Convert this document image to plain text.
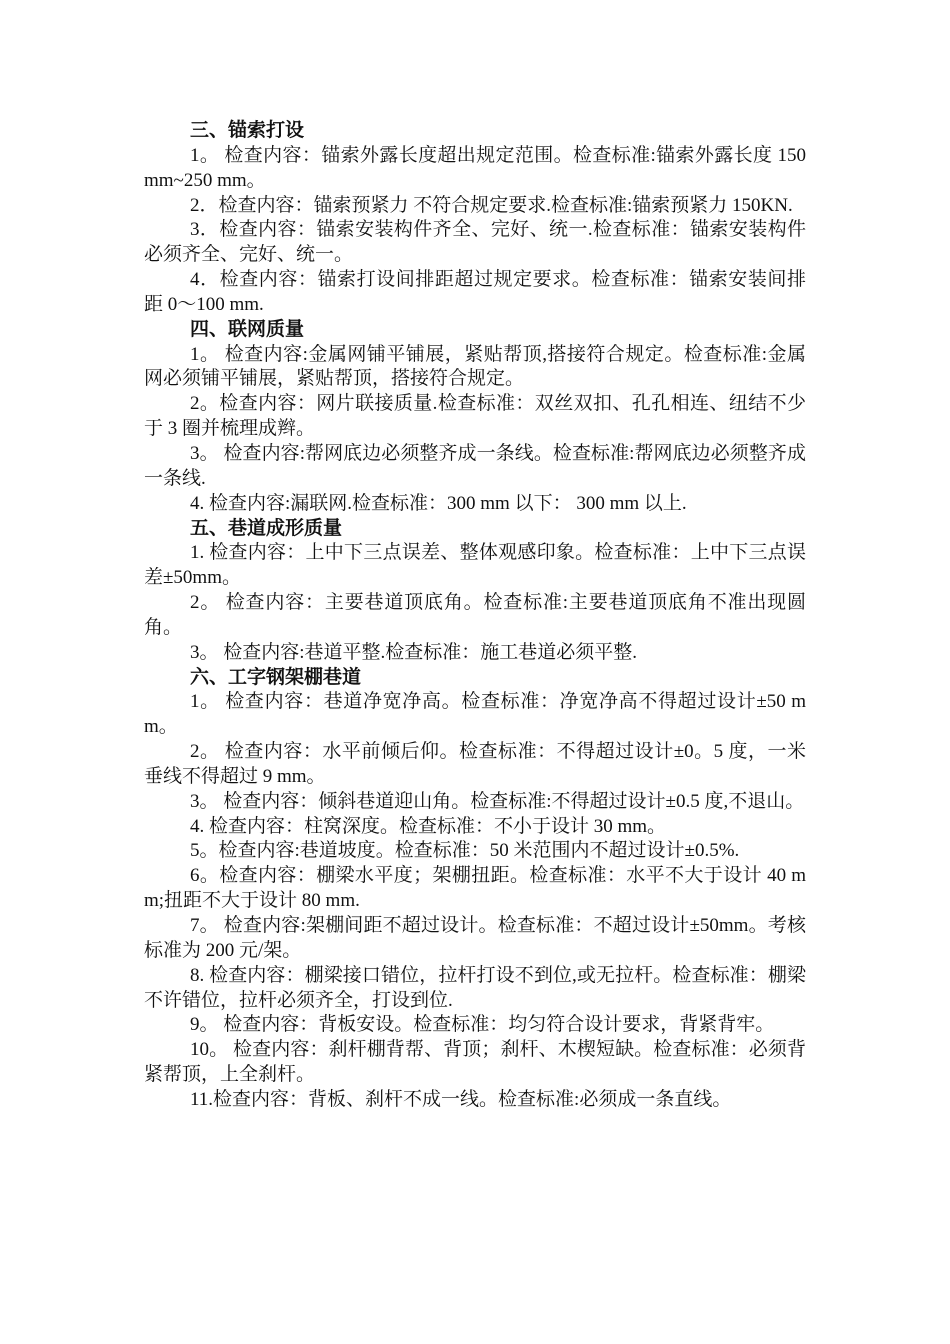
三、锚索打设

1。 检查内容：锚索外露长度超出规定范围。检查标准:锚索外露长度 150 mm~250 mm。

2．检查内容：锚索预紧力 不符合规定要求.检查标准:锚索预紧力 150KN.

3．检查内容：锚索安装构件齐全、完好、统一.检查标准：锚索安装构件必须齐全、完好、统一。

4．检查内容：锚索打设间排距超过规定要求。检查标准：锚索安装间排距 0～100 mm.

四、联网质量

1。 检查内容:金属网铺平铺展，紧贴帮顶,搭接符合规定。检查标准:金属网必须铺平铺展，紧贴帮顶，搭接符合规定。

2。检查内容：网片联接质量.检查标准：双丝双扣、孔孔相连、纽结不少于 3 圈并梳理成辫。

3。 检查内容:帮网底边必须整齐成一条线。检查标准:帮网底边必须整齐成一条线.

4. 检查内容:漏联网.检查标准：300 mm 以下： 300 mm 以上.

五、巷道成形质量

1. 检查内容：上中下三点误差、整体观感印象。检查标准：上中下三点误差±50mm。

2。 检查内容：主要巷道顶底角。检查标准:主要巷道顶底角不准出现圆角。

3。 检查内容:巷道平整.检查标准：施工巷道必须平整.

六、工字钢架棚巷道

1。 检查内容：巷道净宽净高。检查标准：净宽净高不得超过设计±50 mm。

2。 检查内容：水平前倾后仰。检查标准：不得超过设计±0。5 度，一米垂线不得超过 9 mm。

3。 检查内容：倾斜巷道迎山角。检查标准:不得超过设计±0.5 度,不退山。

4. 检查内容：柱窝深度。检查标准：不小于设计 30 mm。

5。检查内容:巷道坡度。检查标准：50 米范围内不超过设计±0.5%.

6。检查内容：棚梁水平度；架棚扭距。检查标准：水平不大于设计 40 mm;扭距不大于设计 80 mm.

7。 检查内容:架棚间距不超过设计。检查标准：不超过设计±50mm。考核标准为 200 元/架。

8. 检查内容：棚梁接口错位，拉杆打设不到位,或无拉杆。检查标准：棚梁不许错位，拉杆必须齐全，打设到位.

9。 检查内容：背板安设。检查标准：均匀符合设计要求，背紧背牢。

10。 检查内容：刹杆棚背帮、背顶；刹杆、木楔短缺。检查标准：必须背紧帮顶，上全刹杆。

11.检查内容：背板、刹杆不成一线。检查标准:必须成一条直线。
